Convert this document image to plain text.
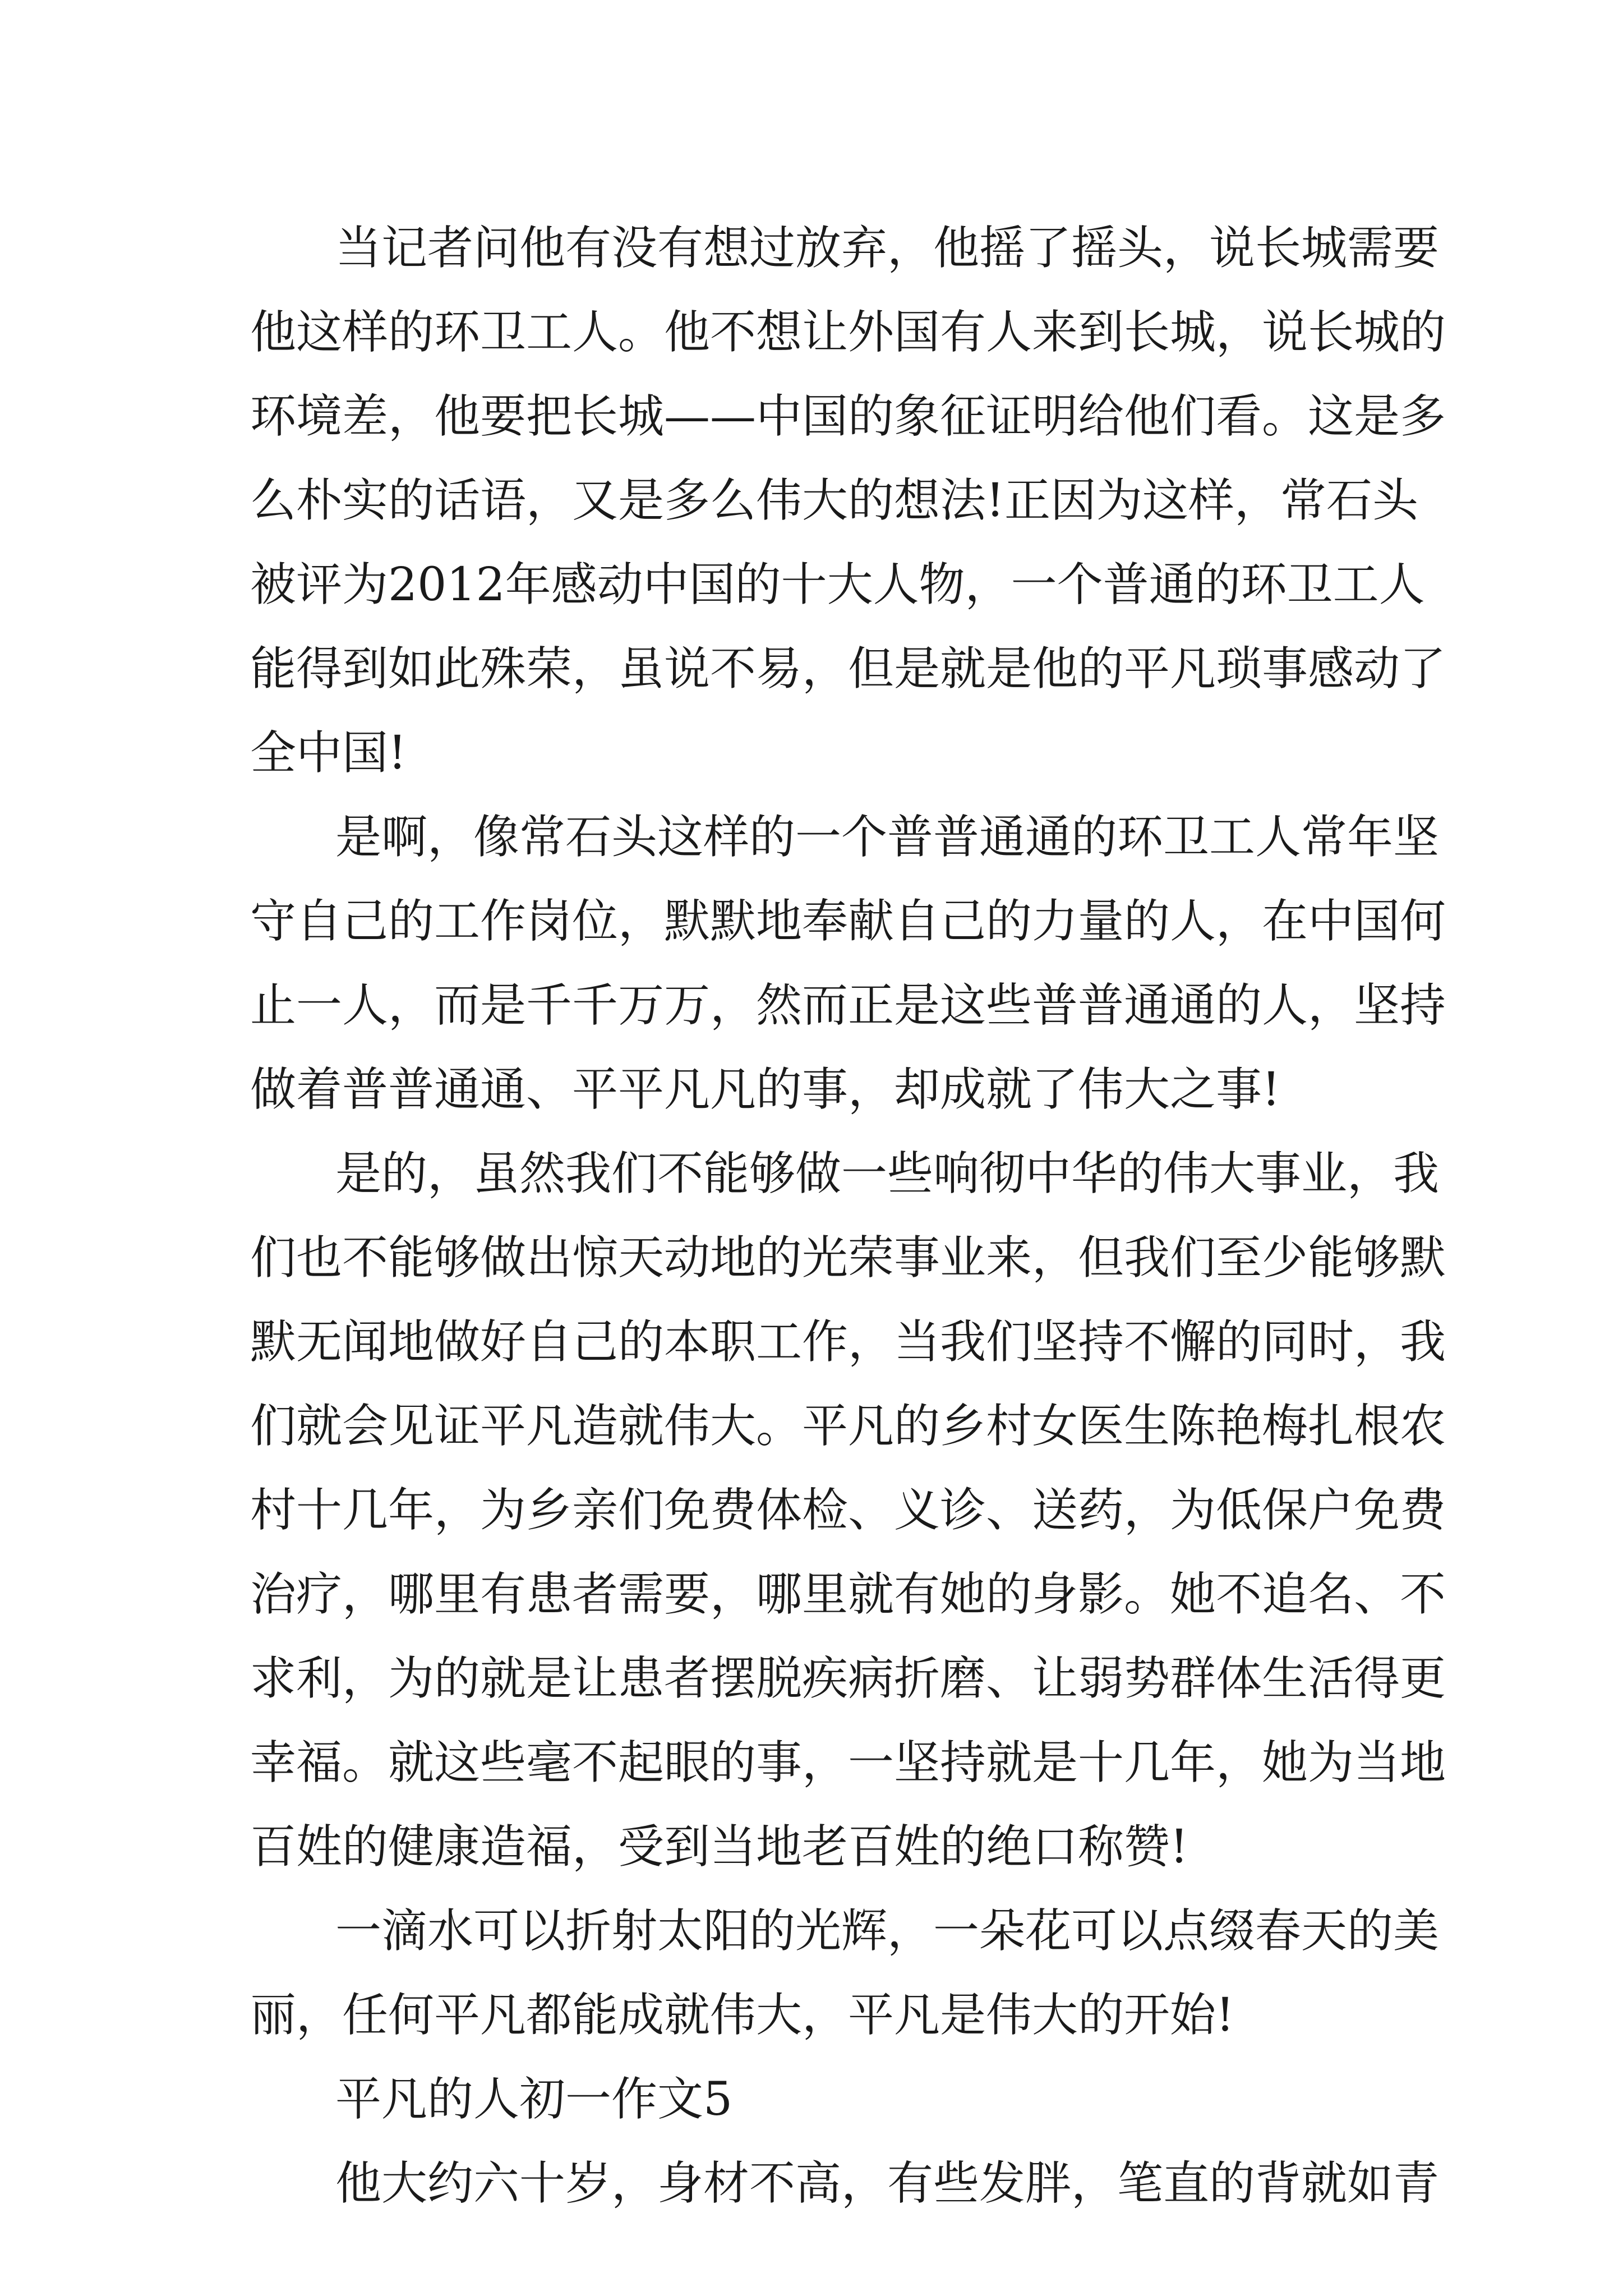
当记者问他有没有想过放弃，他摇了摇头，说长城需要
他这样的环卫工人。他不想让外国有人来到长城，说长城的
环境差，他要把长城——中国的象征证明给他们看。这是多
么朴实的话语，又是多么伟大的想法!正因为这样，常石头
被评为2012年感动中国的十大人物，一个普通的环卫工人
能得到如此殊荣，虽说不易，但是就是他的平凡琐事感动了
全中国!
是啊，像常石头这样的一个普普通通的环卫工人常年坚
守自己的工作岗位，默默地奉献自己的力量的人，在中国何
止一人，而是千千万万，然而正是这些普普通通的人，坚持
做着普普通通、平平凡凡的事，却成就了伟大之事!
是的，虽然我们不能够做一些响彻中华的伟大事业，我
们也不能够做出惊天动地的光荣事业来，但我们至少能够默
默无闻地做好自己的本职工作，当我们坚持不懈的同时，我
们就会见证平凡造就伟大。平凡的乡村女医生陈艳梅扎根农
村十几年，为乡亲们免费体检、义诊、送药，为低保户免费
治疗，哪里有患者需要，哪里就有她的身影。她不追名、不
求利，为的就是让患者摆脱疾病折磨、让弱势群体生活得更
幸福。就这些毫不起眼的事，一坚持就是十几年，她为当地
百姓的健康造福，受到当地老百姓的绝口称赞!
一滴水可以折射太阳的光辉，一朵花可以点缀春天的美
丽，任何平凡都能成就伟大，平凡是伟大的开始!
平凡的人初一作文5
他大约六十岁，身材不高，有些发胖，笔直的背就如青
